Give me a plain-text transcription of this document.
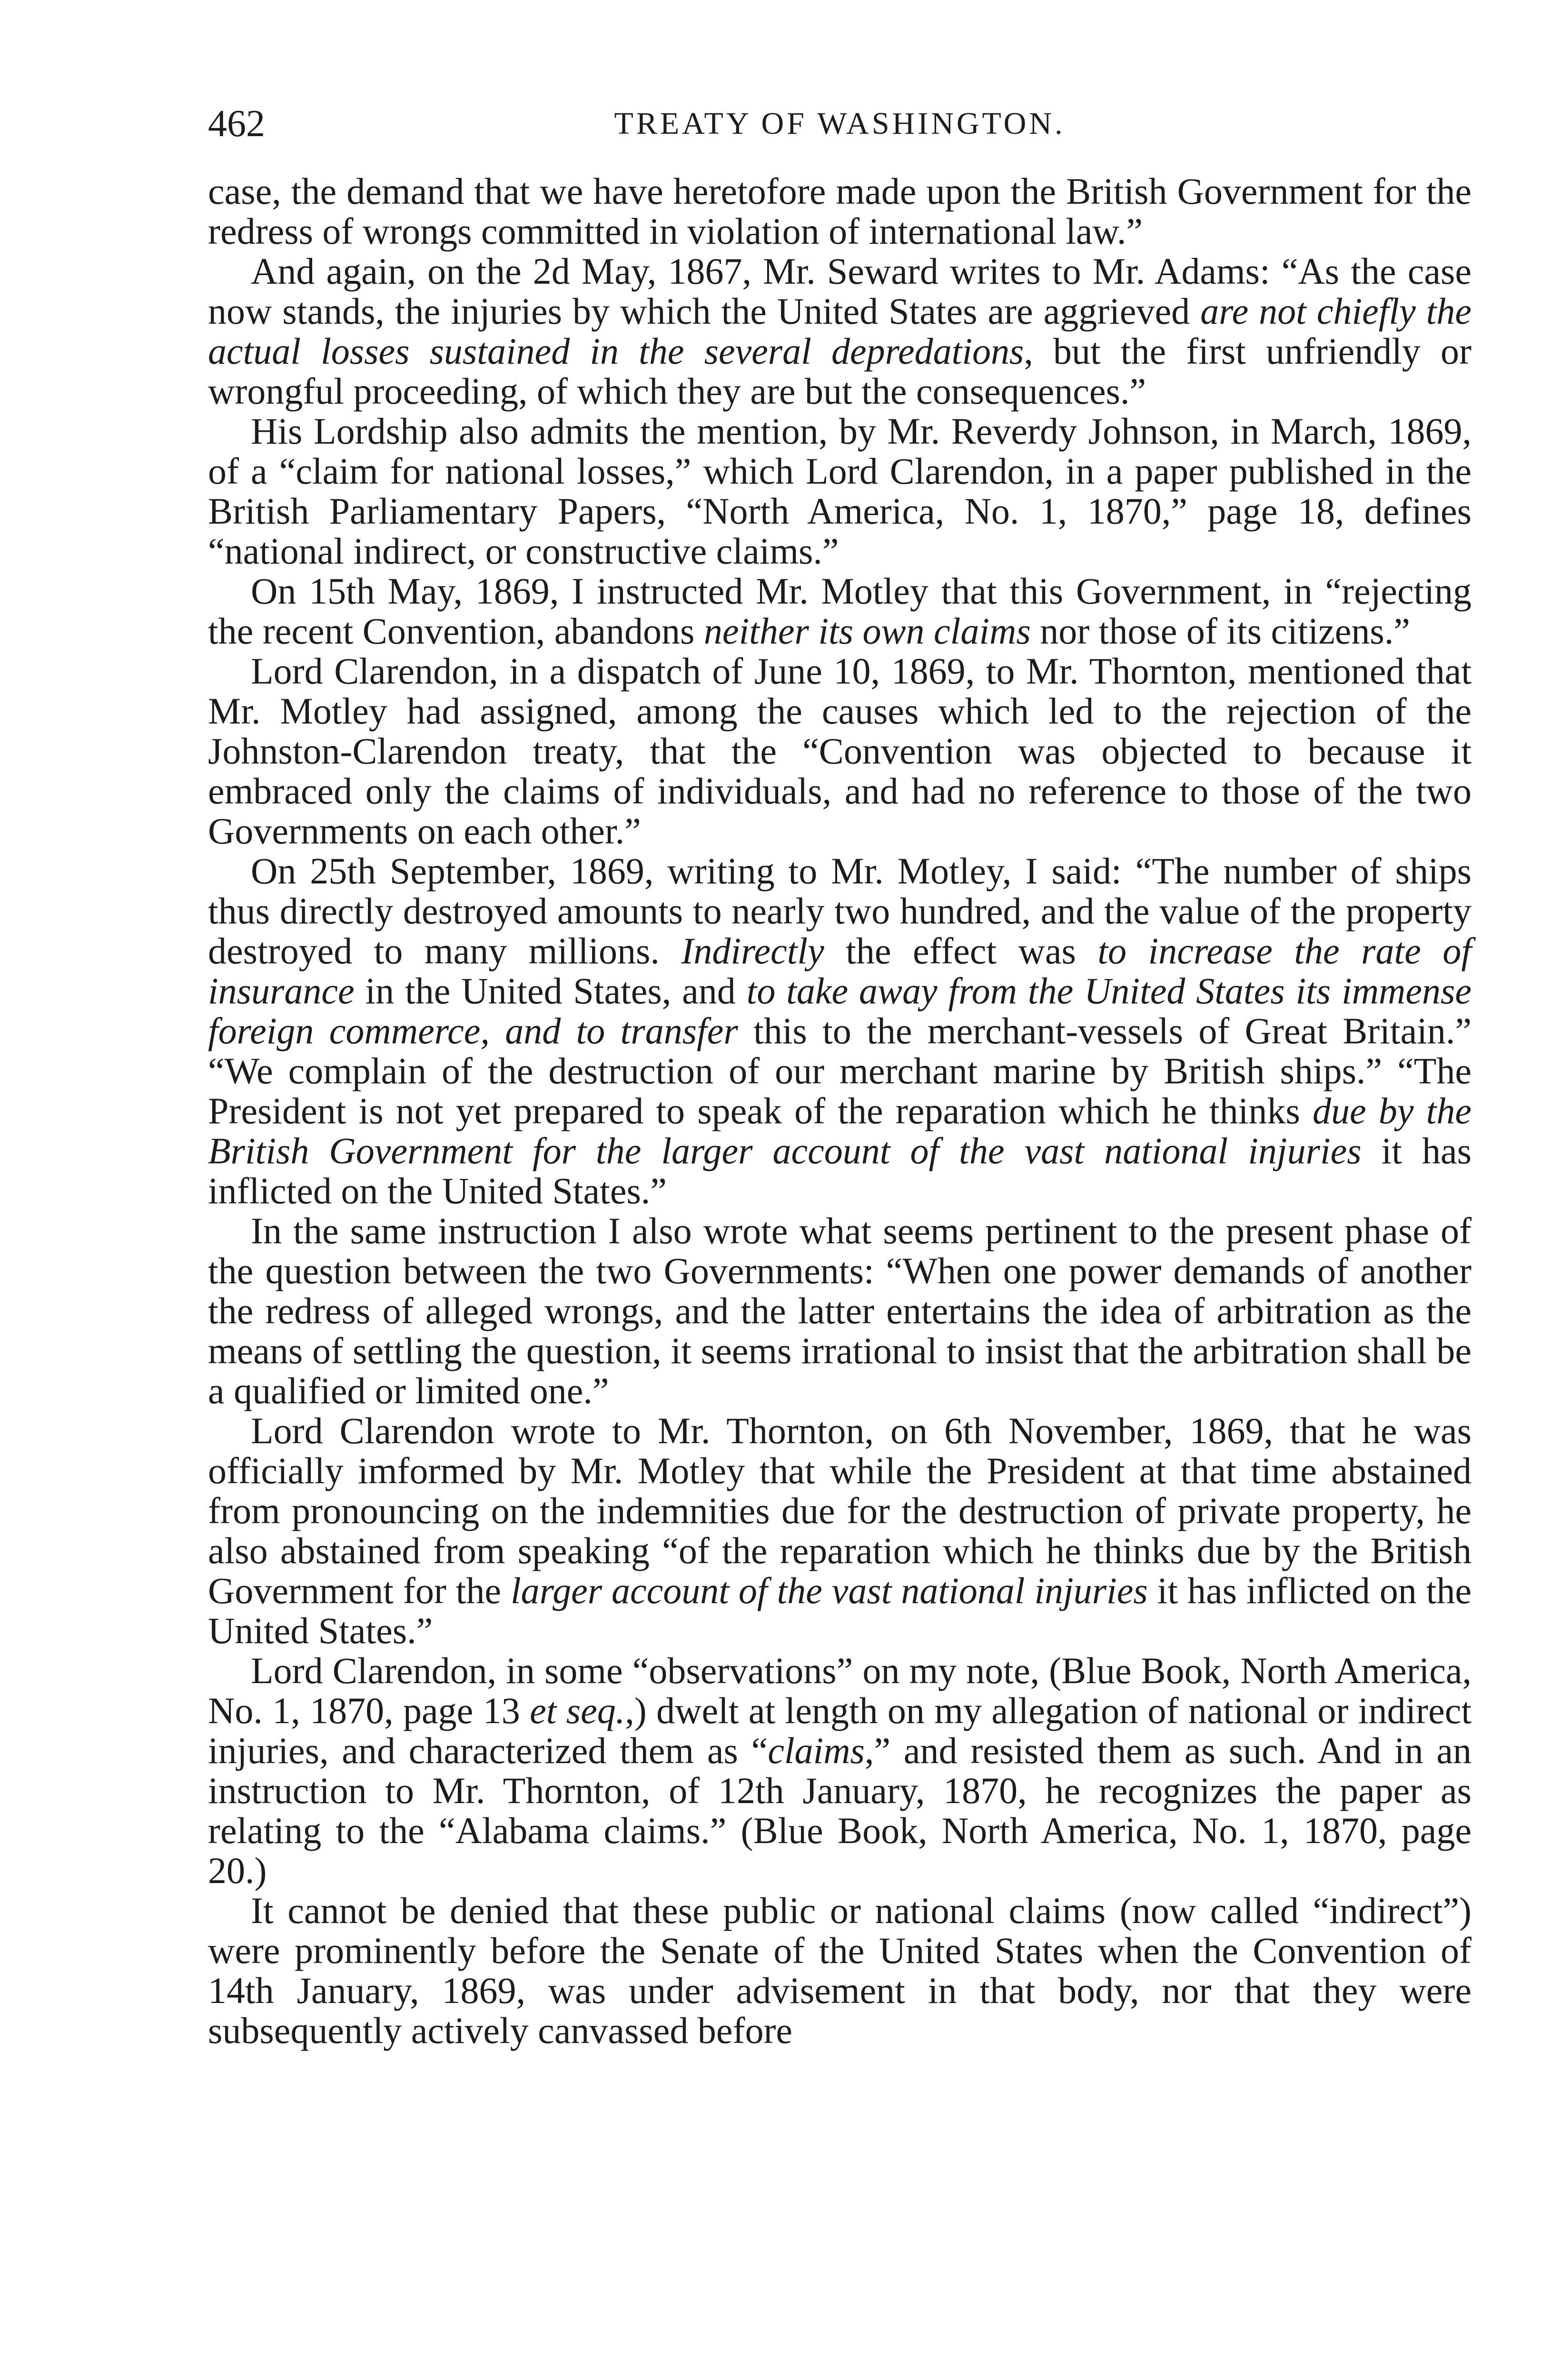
462	TREATY OF WASHINGTON.

case, the demand that we have heretofore made upon the British Government for the redress of wrongs committed in violation of international law.”

And again, on the 2d May, 1867, Mr. Seward writes to Mr. Adams: “As the case now stands, the injuries by which the United States are aggrieved are not chiefly the actual losses sustained in the several depredations, but the first unfriendly or wrongful proceeding, of which they are but the consequences.”

His Lordship also admits the mention, by Mr. Reverdy Johnson, in March, 1869, of a “claim for national losses,” which Lord Clarendon, in a paper published in the British Parliamentary Papers, “North America, No. 1, 1870,” page 18, defines “national indirect, or constructive claims.”

On 15th May, 1869, I instructed Mr. Motley that this Government, in “rejecting the recent Convention, abandons neither its own claims nor those of its citizens.”

Lord Clarendon, in a dispatch of June 10, 1869, to Mr. Thornton, mentioned that Mr. Motley had assigned, among the causes which led to the rejection of the Johnston-Clarendon treaty, that the “Convention was objected to because it embraced only the claims of individuals, and had no reference to those of the two Governments on each other.”

On 25th September, 1869, writing to Mr. Motley, I said: “The number of ships thus directly destroyed amounts to nearly two hundred, and the value of the property destroyed to many millions. Indirectly the effect was to increase the rate of insurance in the United States, and to take away from the United States its immense foreign commerce, and to transfer this to the merchant-vessels of Great Britain.” “We complain of the destruction of our merchant marine by British ships.” “The President is not yet prepared to speak of the reparation which he thinks due by the British Government for the larger account of the vast national injuries it has inflicted on the United States.”

In the same instruction I also wrote what seems pertinent to the present phase of the question between the two Governments: “When one power demands of another the redress of alleged wrongs, and the latter entertains the idea of arbitration as the means of settling the question, it seems irrational to insist that the arbitration shall be a qualified or limited one.”

Lord Clarendon wrote to Mr. Thornton, on 6th November, 1869, that he was officially imformed by Mr. Motley that while the President at that time abstained from pronouncing on the indemnities due for the destruction of private property, he also abstained from speaking “of the reparation which he thinks due by the British Government for the larger account of the vast national injuries it has inflicted on the United States.”

Lord Clarendon, in some “observations” on my note, (Blue Book, North America, No. 1, 1870, page 13 et seq.,) dwelt at length on my allegation of national or indirect injuries, and characterized them as “claims,” and resisted them as such. And in an instruction to Mr. Thornton, of 12th January, 1870, he recognizes the paper as relating to the “Alabama claims.” (Blue Book, North America, No. 1, 1870, page 20.)

It cannot be denied that these public or national claims (now called “indirect”) were prominently before the Senate of the United States when the Convention of 14th January, 1869, was under advisement in that body, nor that they were subsequently actively canvassed before
